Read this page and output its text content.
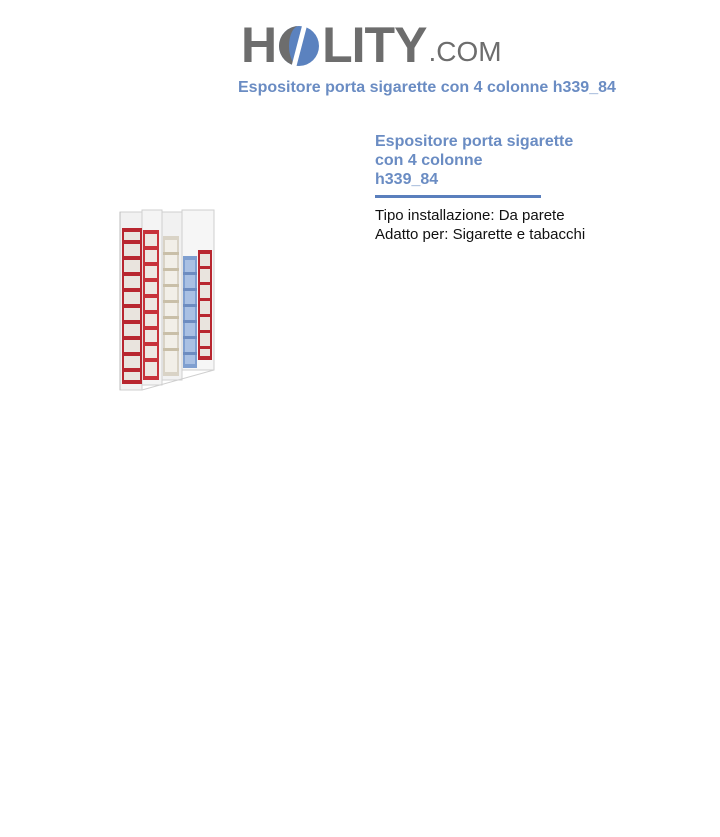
H LITY .COM
Espositore porta sigarette con 4 colonne h339_84
Espositore porta sigarette
con 4 colonne
h339_84

Tipo installazione: Da parete

Adatto per: Sigarette e tabacchi
